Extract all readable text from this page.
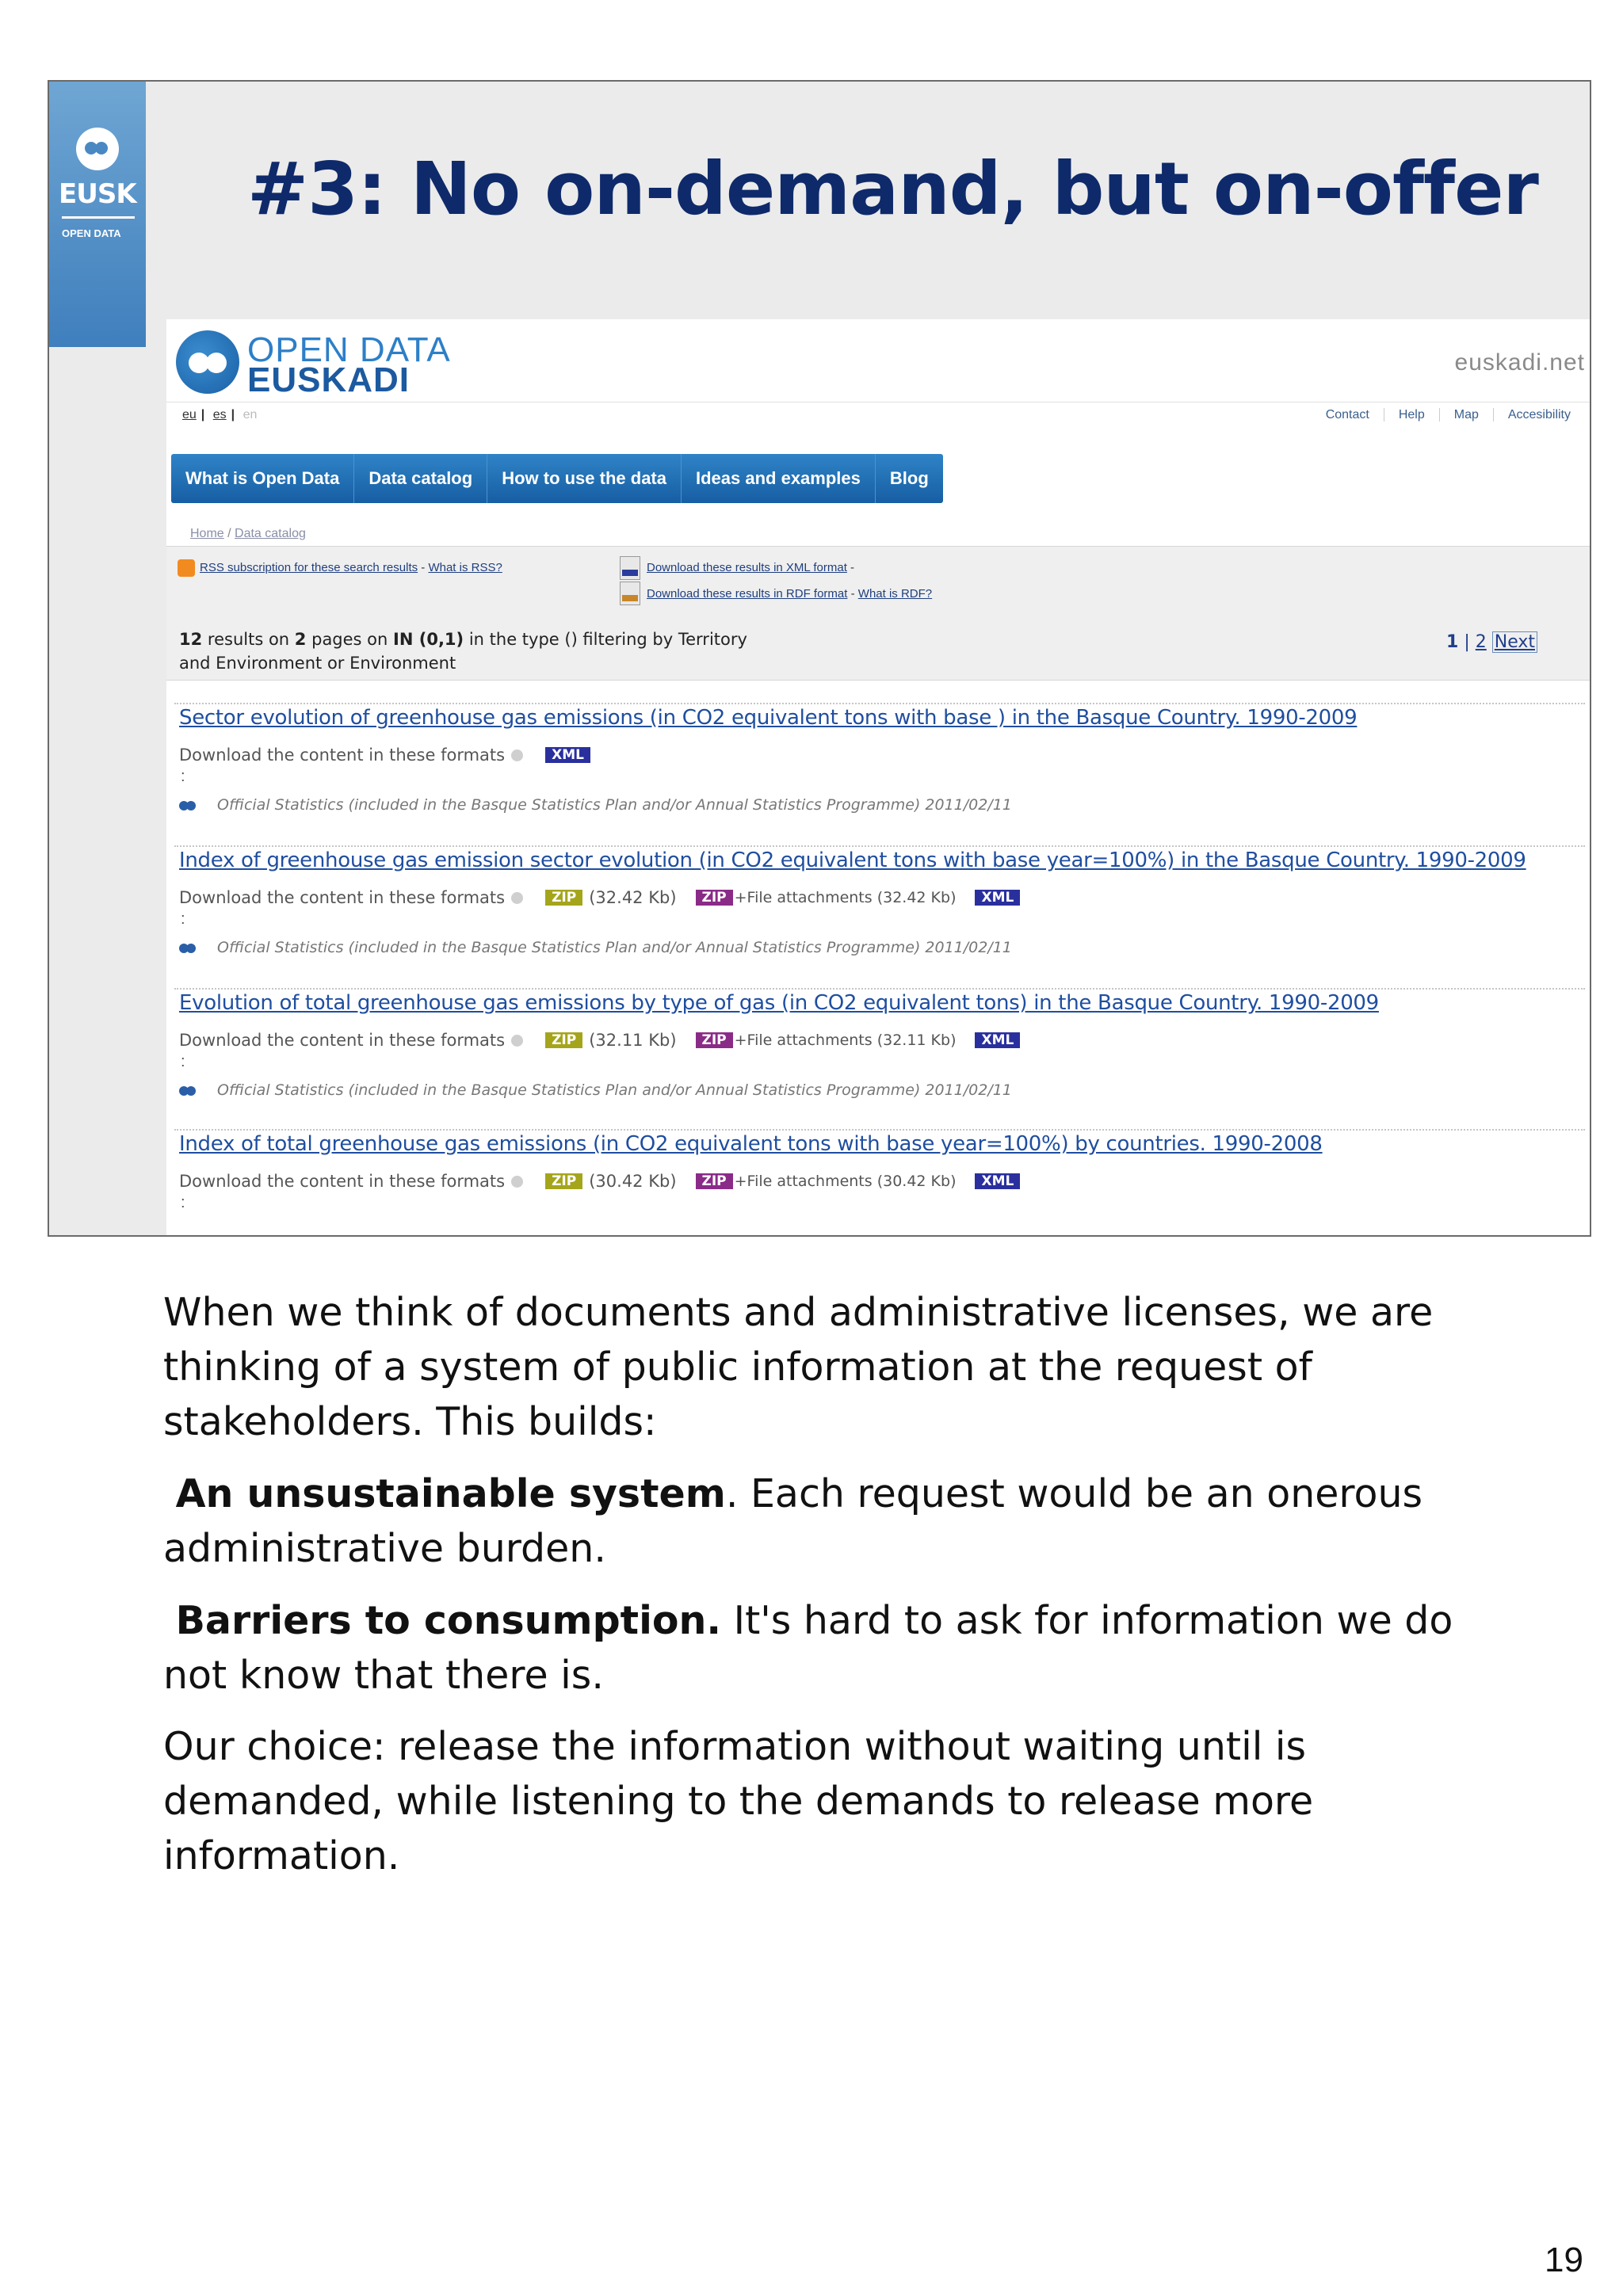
EUSK
OPEN DATA
#3: No on-demand, but on-offer
OPEN DATA
EUSKADI	euskadi.net
eu | es | en	Contact Help Map Accesibility
What is Open Data	Data catalog	How to use the data	Ideas and examples	Blog
Home / Data catalog
RSS subscription for these search results - What is RSS?	Download these results in XML format -
Download these results in RDF format - What is RDF?
12 results on 2 pages on IN (0,1) in the type () filtering by Territory
and Environment or Environment
1 | 2 Next
Sector evolution of greenhouse gas emissions (in CO2 equivalent tons with base ) in the Basque Country. 1990-2009
Download the content in these formats	XML
:
Official Statistics (included in the Basque Statistics Plan and/or Annual Statistics Programme) 2011/02/11
Index of greenhouse gas emission sector evolution (in CO2 equivalent tons with base year=100%) in the Basque Country. 1990-2009
Download the content in these formats	ZIP (32.42 Kb)	ZIP +File attachments (32.42 Kb)	XML
:
Official Statistics (included in the Basque Statistics Plan and/or Annual Statistics Programme) 2011/02/11
Evolution of total greenhouse gas emissions by type of gas (in CO2 equivalent tons) in the Basque Country. 1990-2009
Download the content in these formats	ZIP (32.11 Kb)	ZIP +File attachments (32.11 Kb)	XML
:
Official Statistics (included in the Basque Statistics Plan and/or Annual Statistics Programme) 2011/02/11
Index of total greenhouse gas emissions (in CO2 equivalent tons with base year=100%) by countries. 1990-2008
Download the content in these formats	ZIP (30.42 Kb)	ZIP +File attachments (30.42 Kb)	XML
:
When we think of documents and administrative licenses, we are thinking of a system of public information at the request of stakeholders. This builds:
An unsustainable system. Each request would be an onerous administrative burden.
Barriers to consumption. It's hard to ask for information we do not know that there is.
Our choice: release the information without waiting until is demanded, while listening to the demands to release more information.
19
